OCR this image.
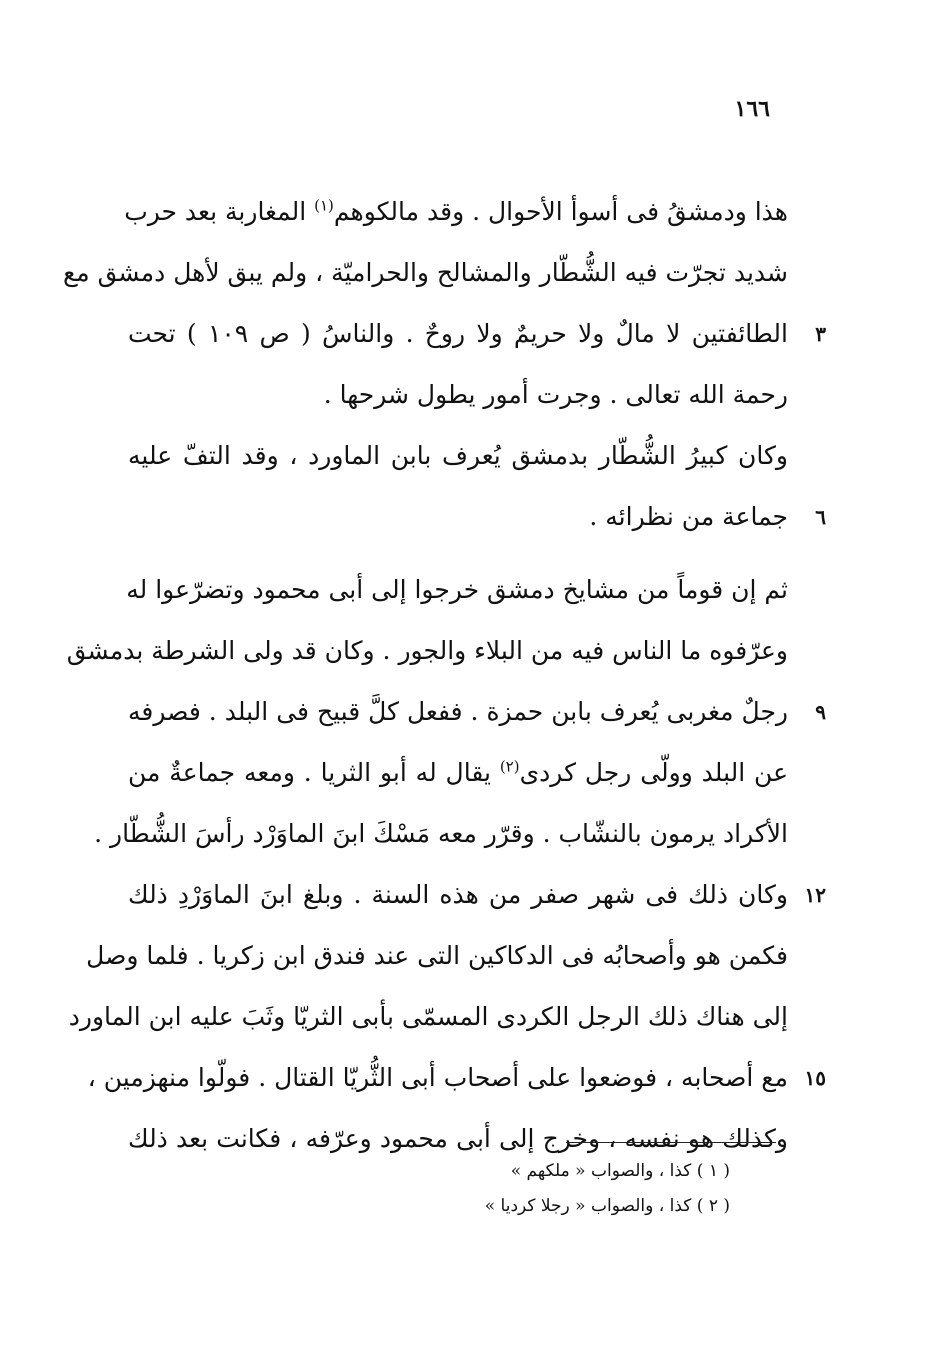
١٦٦
هذا ودمشقُ فى أسوأ الأحوال . وقد مالكوهم$^{(١)}$ المغاربة بعد حرب
شديد تجرّت فيه الشُّطّار والمشالح والحراميّة ، ولم يبق لأهل دمشق مع
٣
الطائفتين لا مالٌ ولا حريمٌ ولا روحٌ . والناسُ ( ص ١٠٩ ) تحت
رحمة الله تعالى . وجرت أمور يطول شرحها .
وكان كبيرُ الشُّطّار بدمشق يُعرف بابن الماورد ، وقد التفّ عليه
٦
جماعة من نظرائه .
ثم إن قوماً من مشايخ دمشق خرجوا إلى أبى محمود وتضرّعوا له
وعرّفوه ما الناس فيه من البلاء والجور . وكان قد ولى الشرطة بدمشق
٩
رجلٌ مغربى يُعرف بابن حمزة . ففعل كلَّ قبيح فى البلد . فصرفه
عن البلد وولّى رجل كردى$^{(٢)}$ يقال له أبو الثريا . ومعه جماعةٌ من
الأكراد يرمون بالنشّاب . وقرّر معه مَسْكَ ابنَ الماوَرْد رأسَ الشُّطّار .
١٢
وكان ذلك فى شهر صفر من هذه السنة . وبلغ ابنَ الماوَرْدِ ذلك
فكمن هو وأصحابُه فى الدكاكين التى عند فندق ابن زكريا . فلما وصل
إلى هناك ذلك الرجل الكردى المسمّى بأبى الثريّا وثَبَ عليه ابن الماورد
١٥
مع أصحابه ، فوضعوا على أصحاب أبى الثُّريّا القتال . فولّوا منهزمين ،
وكذلك هو نفسه ، وخرج إلى أبى محمود وعرّفه ، فكانت بعد ذلك
( ١ ) كذا ، والصواب « ملكهم »
( ٢ ) كذا ، والصواب « رجلا كرديا »
